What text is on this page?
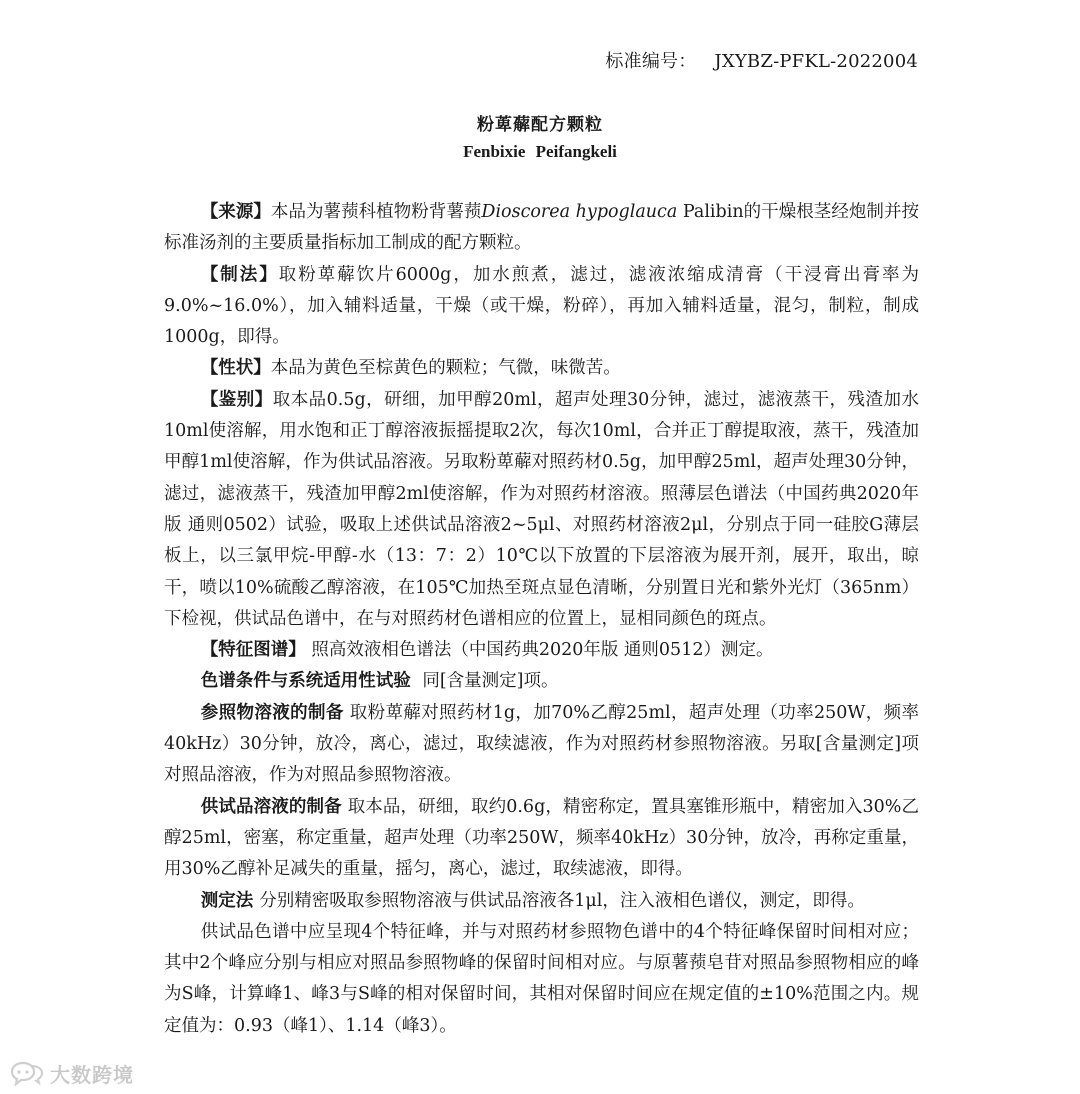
标准编号： JXYBZ-PFKL-2022004
粉萆薢配方颗粒
Fenbixie Peifangkeli

【来源】本品为薯蓣科植物粉背薯蓣Dioscorea hypoglauca Palibin的干燥根茎经炮制并按标准汤剂的主要质量指标加工制成的配方颗粒。

【制法】取粉萆薢饮片6000g，加水煎煮，滤过，滤液浓缩成清膏（干浸膏出膏率为9.0%~16.0%），加入辅料适量，干燥（或干燥，粉碎），再加入辅料适量，混匀，制粒，制成1000g，即得。

【性状】本品为黄色至棕黄色的颗粒；气微，味微苦。

【鉴别】取本品0.5g，研细，加甲醇20ml，超声处理30分钟，滤过，滤液蒸干，残渣加水10ml使溶解，用水饱和正丁醇溶液振摇提取2次，每次10ml，合并正丁醇提取液，蒸干，残渣加甲醇1ml使溶解，作为供试品溶液。另取粉萆薢对照药材0.5g，加甲醇25ml，超声处理30分钟，滤过，滤液蒸干，残渣加甲醇2ml使溶解，作为对照药材溶液。照薄层色谱法（中国药典2020年版 通则0502）试验，吸取上述供试品溶液2~5μl、对照药材溶液2μl，分别点于同一硅胶G薄层板上，以三氯甲烷-甲醇-水（13：7：2）10℃以下放置的下层溶液为展开剂，展开，取出，晾干，喷以10%硫酸乙醇溶液，在105℃加热至斑点显色清晰，分别置日光和紫外光灯（365nm）下检视，供试品色谱中，在与对照药材色谱相应的位置上，显相同颜色的斑点。

【特征图谱】 照高效液相色谱法（中国药典2020年版 通则0512）测定。

色谱条件与系统适用性试验 同[含量测定]项。

参照物溶液的制备 取粉萆薢对照药材1g，加70%乙醇25ml，超声处理（功率250W，频率40kHz）30分钟，放冷，离心，滤过，取续滤液，作为对照药材参照物溶液。另取[含量测定]项对照品溶液，作为对照品参照物溶液。

供试品溶液的制备 取本品，研细，取约0.6g，精密称定，置具塞锥形瓶中，精密加入30%乙醇25ml，密塞，称定重量，超声处理（功率250W，频率40kHz）30分钟，放冷，再称定重量，用30%乙醇补足减失的重量，摇匀，离心，滤过，取续滤液，即得。

测定法 分别精密吸取参照物溶液与供试品溶液各1μl，注入液相色谱仪，测定，即得。

供试品色谱中应呈现4个特征峰，并与对照药材参照物色谱中的4个特征峰保留时间相对应；其中2个峰应分别与相应对照品参照物峰的保留时间相对应。与原薯蓣皂苷对照品参照物相应的峰为S峰，计算峰1、峰3与S峰的相对保留时间，其相对保留时间应在规定值的±10%范围之内。规定值为：0.93（峰1）、1.14（峰3）。

大数跨境
